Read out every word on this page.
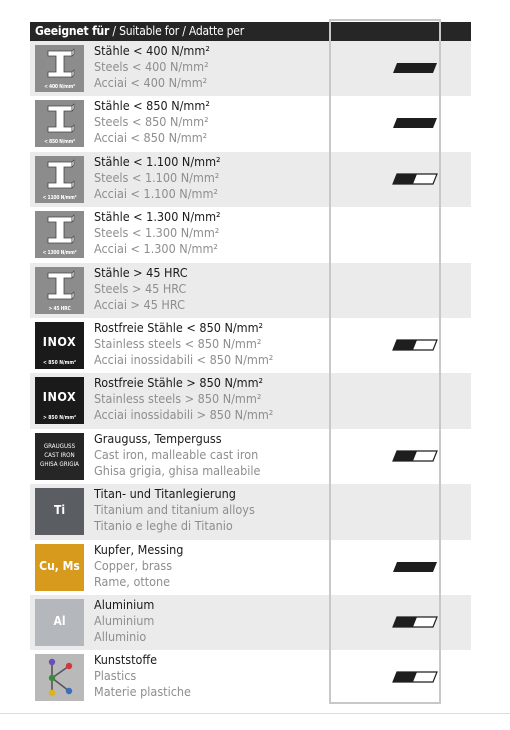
Geeignet für / Suitable for / Adatte per
< 400 N/mm²
Stähle < 400 N/mm²
Steels < 400 N/mm²
Acciai < 400 N/mm²
< 850 N/mm²
Stähle < 850 N/mm²
Steels < 850 N/mm²
Acciai < 850 N/mm²
< 1100 N/mm²
Stähle < 1.100 N/mm²
Steels < 1.100 N/mm²
Acciai < 1.100 N/mm²
< 1300 N/mm²
Stähle < 1.300 N/mm²
Steels < 1.300 N/mm²
Acciai < 1.300 N/mm²
> 45 HRC
Stähle > 45 HRC
Steels > 45 HRC
Acciai > 45 HRC
INOX
< 850 N/mm²
Rostfreie Stähle < 850 N/mm²
Stainless steels < 850 N/mm²
Acciai inossidabili < 850 N/mm²
INOX
> 850 N/mm²
Rostfreie Stähle > 850 N/mm²
Stainless steels > 850 N/mm²
Acciai inossidabili > 850 N/mm²
GRAUGUSS
CAST IRON
GHISA GRIGIA
Grauguss, Temperguss
Cast iron, malleable cast iron
Ghisa grigia, ghisa malleabile
Ti
Titan- und Titanlegierung
Titanium and titanium alloys
Titanio e leghe di Titanio
Cu, Ms
Kupfer, Messing
Copper, brass
Rame, ottone
Al
Aluminium
Aluminium
Alluminio
Kunststoffe
Plastics
Materie plastiche
